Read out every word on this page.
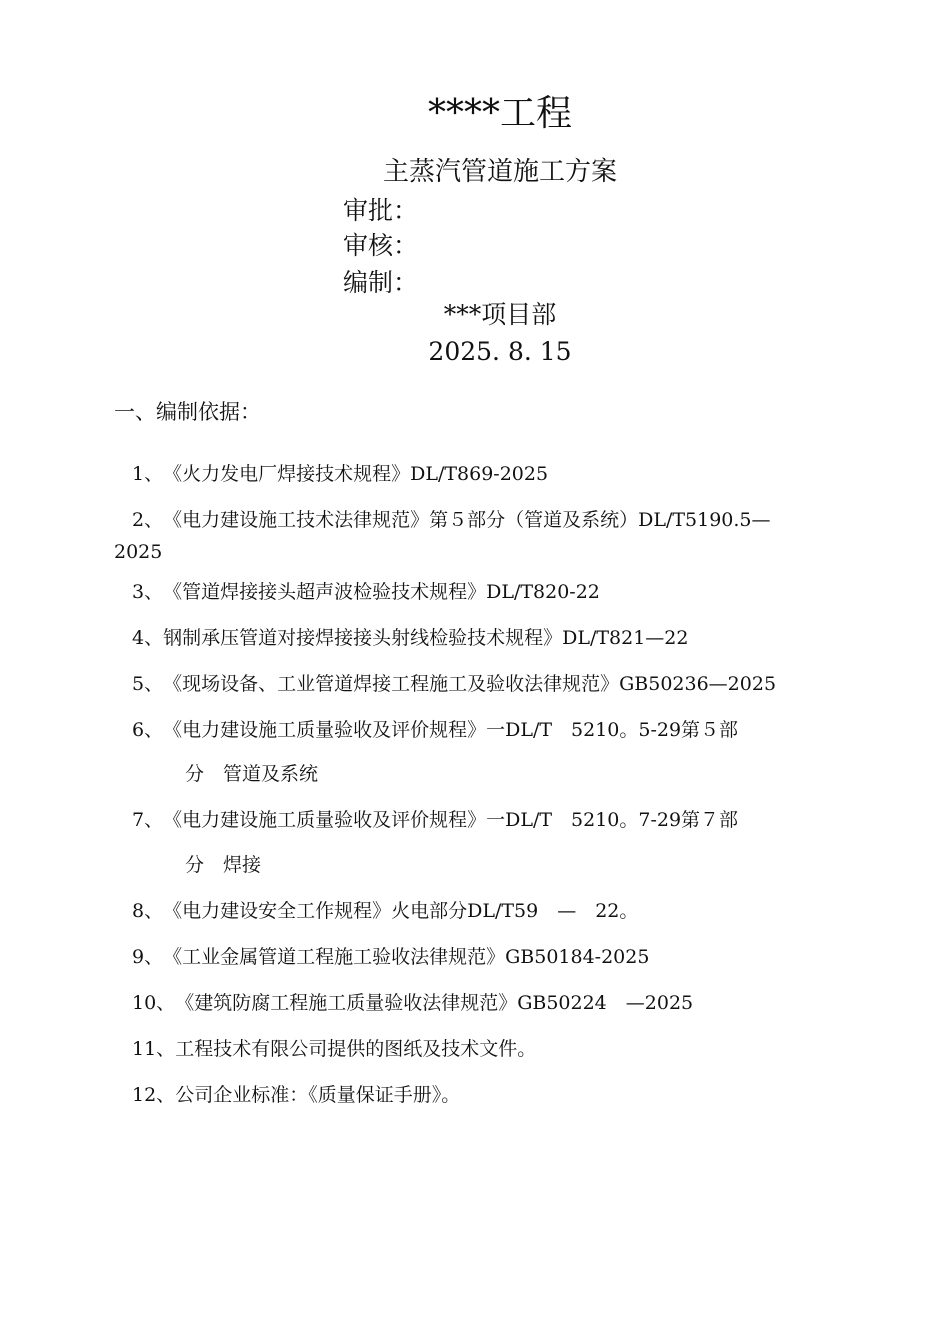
****工程
主蒸汽管道施工方案
审批：
审核：
编制：
***项目部
2025. 8. 15
一、编制依据：
1、《火力发电厂焊接技术规程》DL/T869-2025
2、《电力建设施工技术法律规范》第５部分（管道及系统）DL/T5190.5—
2025
3、《管道焊接接头超声波检验技术规程》DL/T820-22
4、钢制承压管道对接焊接接头射线检验技术规程》DL/T821—22
5、《现场设备、工业管道焊接工程施工及验收法律规范》GB50236—2025
6、《电力建设施工质量验收及评价规程》一DL/T　5210。5-29第５部
分　管道及系统
7、《电力建设施工质量验收及评价规程》一DL/T　5210。7-29第７部
分　焊接
8、《电力建设安全工作规程》火电部分DL/T59　—　22。
9、《工业金属管道工程施工验收法律规范》GB50184-2025
10、《建筑防腐工程施工质量验收法律规范》GB50224　—2025
11、工程技术有限公司提供的图纸及技术文件。
12、公司企业标准：《质量保证手册》。
